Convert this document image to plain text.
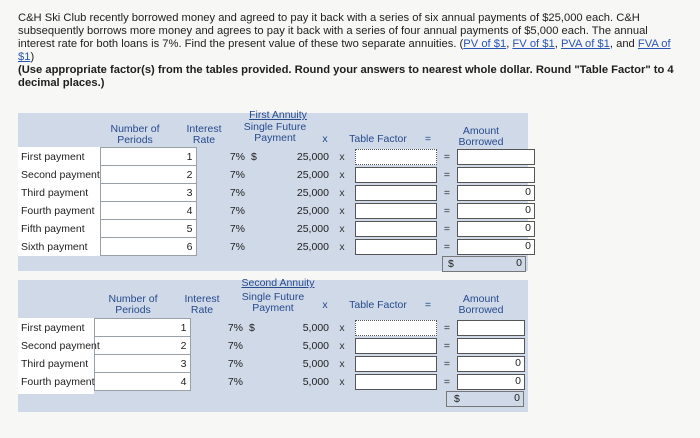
C&H Ski Club recently borrowed money and agreed to pay it back with a series of six annual payments of $25,000 each. C&H
subsequently borrows more money and agrees to pay it back with a series of four annual payments of $5,000 each. The annual
interest rate for both loans is 7%. Find the present value of these two separate annuities. (PV of $1, FV of $1, PVA of $1, and FVA of $1)
(Use appropriate factor(s) from the tables provided. Round your answers to nearest whole dollar. Round "Table Factor" to 4
decimal places.)
First Annuity
Number of Periods
Interest Rate
Single Future Payment	x	Table Factor	=
Amount Borrowed
First payment	1	7%	$	25,000	x		=	

Second payment	2	7%		25,000	x		=	

Third payment	3	7%		25,000	x		=	0

Fourth payment	4	7%		25,000	x		=	0

Fifth payment	5	7%		25,000	x		=	0

Sixth payment	6	7%		25,000	x		=	0
$	0
Second Annuity
Number of Periods
Interest Rate
Single Future Payment	x	Table Factor	=	Amount Borrowed
First payment	1	7%	$	5,000	x		=	

Second payment	2	7%		5,000	x		=	

Third payment	3	7%		5,000	x		=	0

Fourth payment	4	7%		5,000	x		=	0
$	0
